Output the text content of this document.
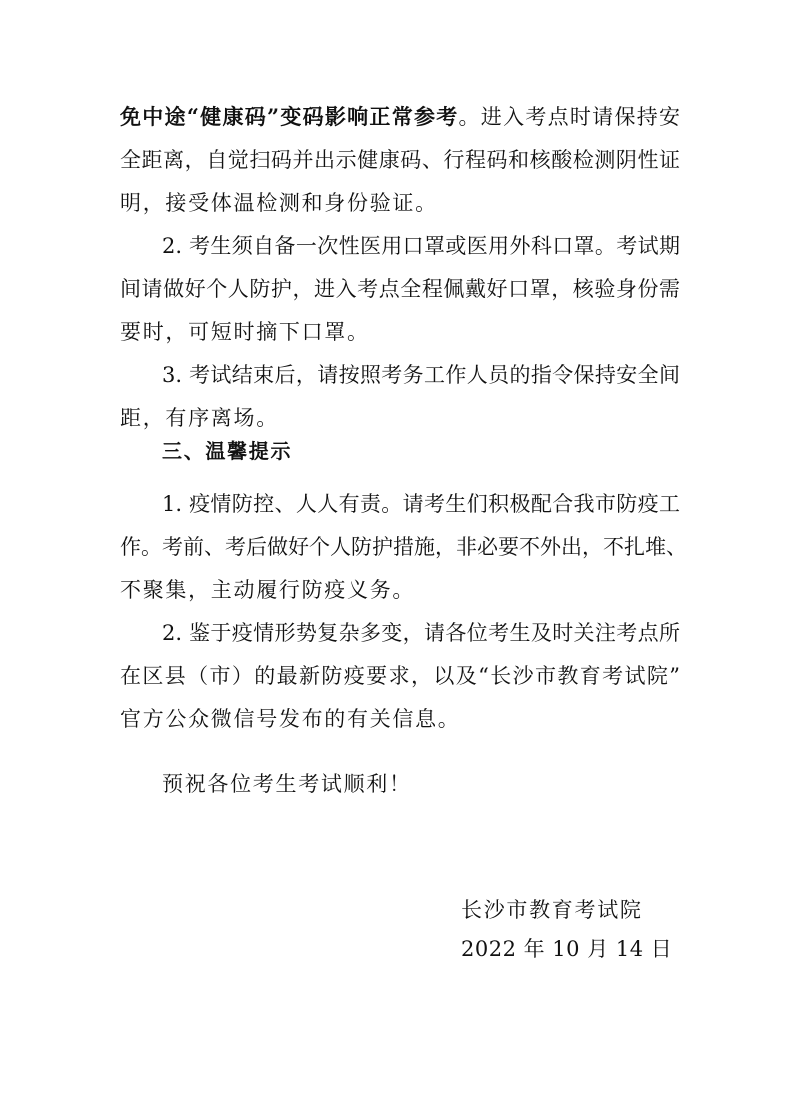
免中途“健康码”变码影响正常参考。进入考点时请保持安
全距离，自觉扫码并出示健康码、行程码和核酸检测阴性证
明，接受体温检测和身份验证。
2. 考生须自备一次性医用口罩或医用外科口罩。考试期
间请做好个人防护，进入考点全程佩戴好口罩，核验身份需
要时，可短时摘下口罩。
3. 考试结束后，请按照考务工作人员的指令保持安全间
距，有序离场。
三、温馨提示
1. 疫情防控、人人有责。请考生们积极配合我市防疫工
作。考前、考后做好个人防护措施，非必要不外出，不扎堆、
不聚集，主动履行防疫义务。
2. 鉴于疫情形势复杂多变，请各位考生及时关注考点所
在区县（市）的最新防疫要求，以及“长沙市教育考试院”
官方公众微信号发布的有关信息。
预祝各位考生考试顺利！
长沙市教育考试院
2022 年 10 月 14 日
